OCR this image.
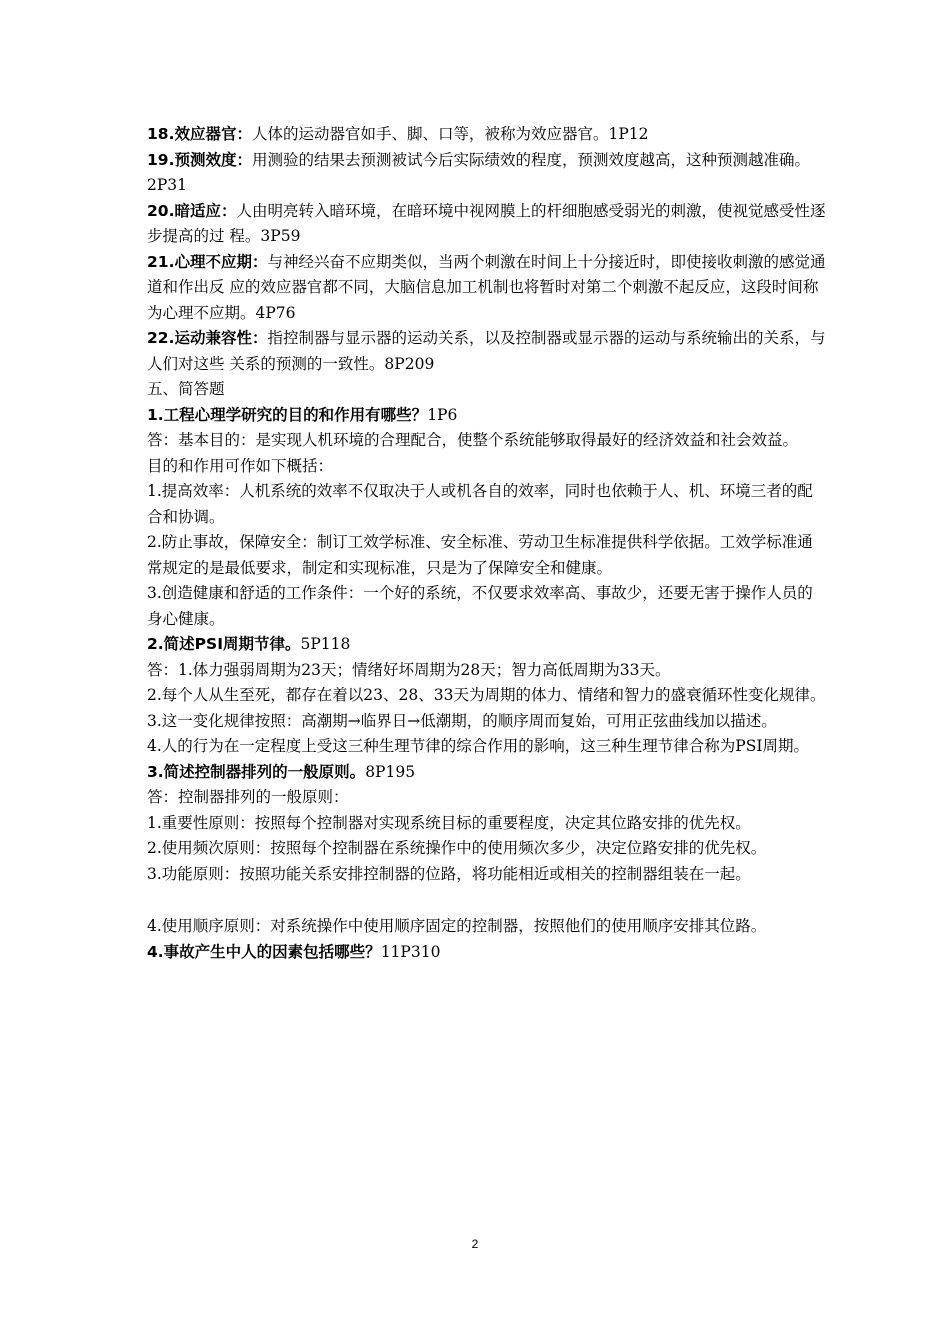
18.效应器官：人体的运动器官如手、脚、口等，被称为效应器官。1P12

19.预测效度：用测验的结果去预测被试今后实际绩效的程度，预测效度越高，这种预测越准确。2P31

20.暗适应：人由明亮转入暗环境，在暗环境中视网膜上的杆细胞感受弱光的刺激，使视觉感受性逐步提高的过 程。3P59

21.心理不应期：与神经兴奋不应期类似，当两个刺激在时间上十分接近时，即使接收刺激的感觉通道和作出反 应的效应器官都不同，大脑信息加工机制也将暂时对第二个刺激不起反应，这段时间称为心理不应期。4P76

22.运动兼容性：指控制器与显示器的运动关系，以及控制器或显示器的运动与系统输出的关系，与人们对这些 关系的预测的一致性。8P209

五、简答题

1.工程心理学研究的目的和作用有哪些？1P6

答：基本目的：是实现人机环境的合理配合，使整个系统能够取得最好的经济效益和社会效益。

目的和作用可作如下概括：

1.提高效率：人机系统的效率不仅取决于人或机各自的效率，同时也依赖于人、机、环境三者的配合和协调。

2.防止事故，保障安全：制订工效学标准、安全标准、劳动卫生标准提供科学依据。工效学标准通常规定的是最低要求，制定和实现标准，只是为了保障安全和健康。

3.创造健康和舒适的工作条件：一个好的系统，不仅要求效率高、事故少，还要无害于操作人员的身心健康。

2.简述PSI周期节律。5P118

答：1.体力强弱周期为23天；情绪好坏周期为28天；智力高低周期为33天。

2.每个人从生至死，都存在着以23、28、33天为周期的体力、情绪和智力的盛衰循环性变化规律。

3.这一变化规律按照：高潮期→临界日→低潮期，的顺序周而复始，可用正弦曲线加以描述。

4.人的行为在一定程度上受这三种生理节律的综合作用的影响，这三种生理节律合称为PSI周期。

3.简述控制器排列的一般原则。8P195

答：控制器排列的一般原则：

1.重要性原则：按照每个控制器对实现系统目标的重要程度，决定其位路安排的优先权。

2.使用频次原则：按照每个控制器在系统操作中的使用频次多少，决定位路安排的优先权。

3.功能原则：按照功能关系安排控制器的位路，将功能相近或相关的控制器组装在一起。

4.使用顺序原则：对系统操作中使用顺序固定的控制器，按照他们的使用顺序安排其位路。

4.事故产生中人的因素包括哪些？11P310

2
